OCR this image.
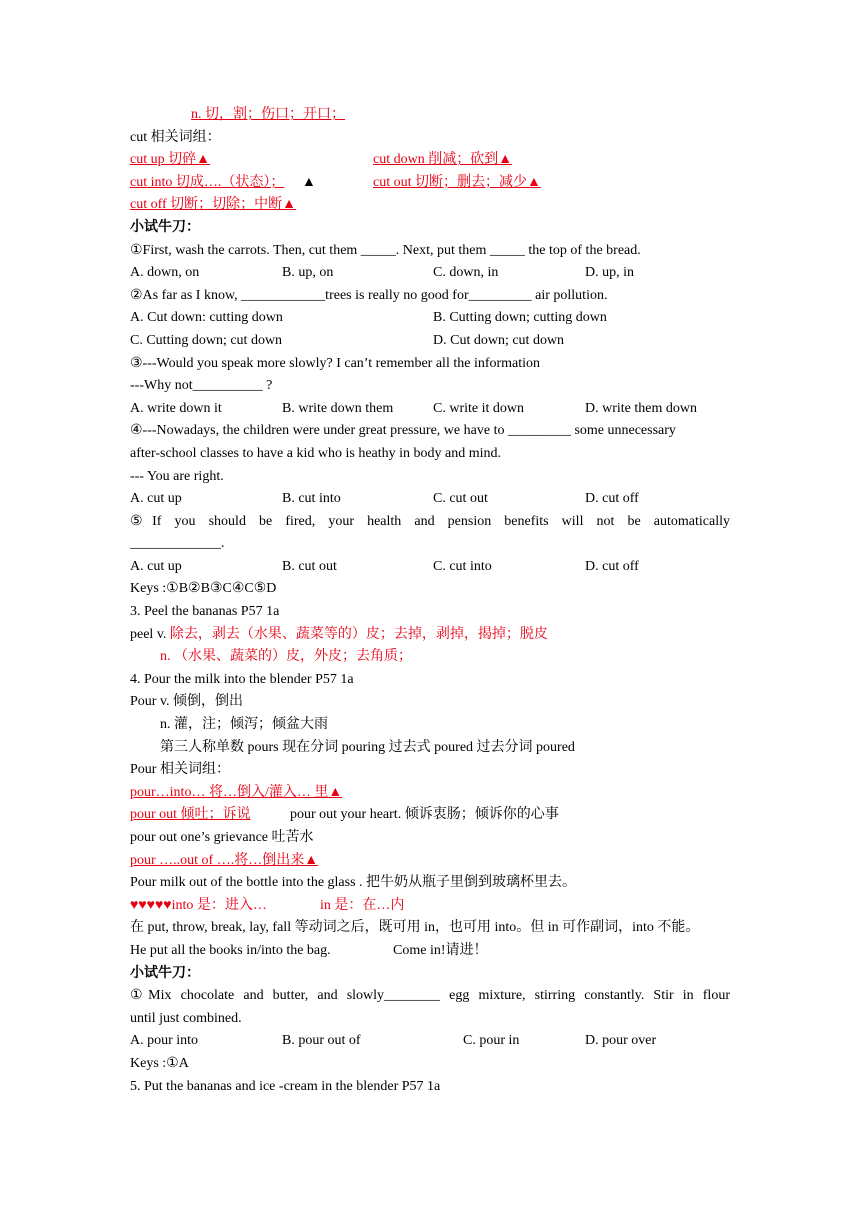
n. 切，割；伤口；开口；
cut 相关词组：
cut up 切碎▲	cut down 削减；砍到▲
cut into 切成….（状态）； ▲	cut out 切断；删去；减少▲
cut off 切断；切除；中断▲
小试牛刀：
①First, wash the carrots. Then, cut them _____. Next, put them _____ the top of the bread.
A. down, on	B. up, on	C. down, in	D. up, in
②As far as I know, ____________trees is really no good for_________ air pollution.
A. Cut down: cutting down	B. Cutting down; cutting down
C. Cutting down; cut down	D. Cut down; cut down
③---Would you speak more slowly? I can’t remember all the information
---Why not__________ ?
A. write down it	B. write down them	C. write it down	D. write them down
④---Nowadays, the children were under great pressure, we have to _________ some unnecessary
after-school classes to have a kid who is heathy in body and mind.
--- You are right.
A. cut up	B. cut into	C. cut out	D. cut off
⑤If you should be fired, your health and pension benefits will not be automatically
_____________.
A. cut up	B. cut out	C. cut into	D. cut off
Keys :①B②B③C④C⑤D
3. Peel the bananas P57 1a
peel v. 除去，剥去（水果、蔬菜等的）皮；去掉，剥掉，揭掉；脱皮
n. （水果、蔬菜的）皮，外皮；去角质；
4. Pour the milk into the blender P57 1a
Pour v. 倾倒，倒出
n. 灌，注；倾泻；倾盆大雨
第三人称单数 pours 现在分词 pouring 过去式 poured 过去分词 poured
Pour 相关词组：
pour…into… 将…倒入/灌入… 里▲
pour out 倾吐；诉说	pour out your heart. 倾诉衷肠；倾诉你的心事
pour out one’s grievance 吐苦水
pour …..out of ….将…倒出来▲
Pour milk out of the bottle into the glass . 把牛奶从瓶子里倒到玻璃杯里去。
♥♥♥♥♥into 是：进入…	in 是：在…内
在 put, throw, break, lay, fall 等动词之后，既可用 in，也可用 into。但 in 可作副词，into 不能。
He put all the books in/into the bag.	Come in!请进！
小试牛刀：
①Mix chocolate and butter, and slowly________ egg mixture, stirring constantly. Stir in flour
until just combined.
A. pour into	B. pour out of	C. pour in	D. pour over
Keys :①A
5. Put the bananas and ice -cream in the blender P57 1a
